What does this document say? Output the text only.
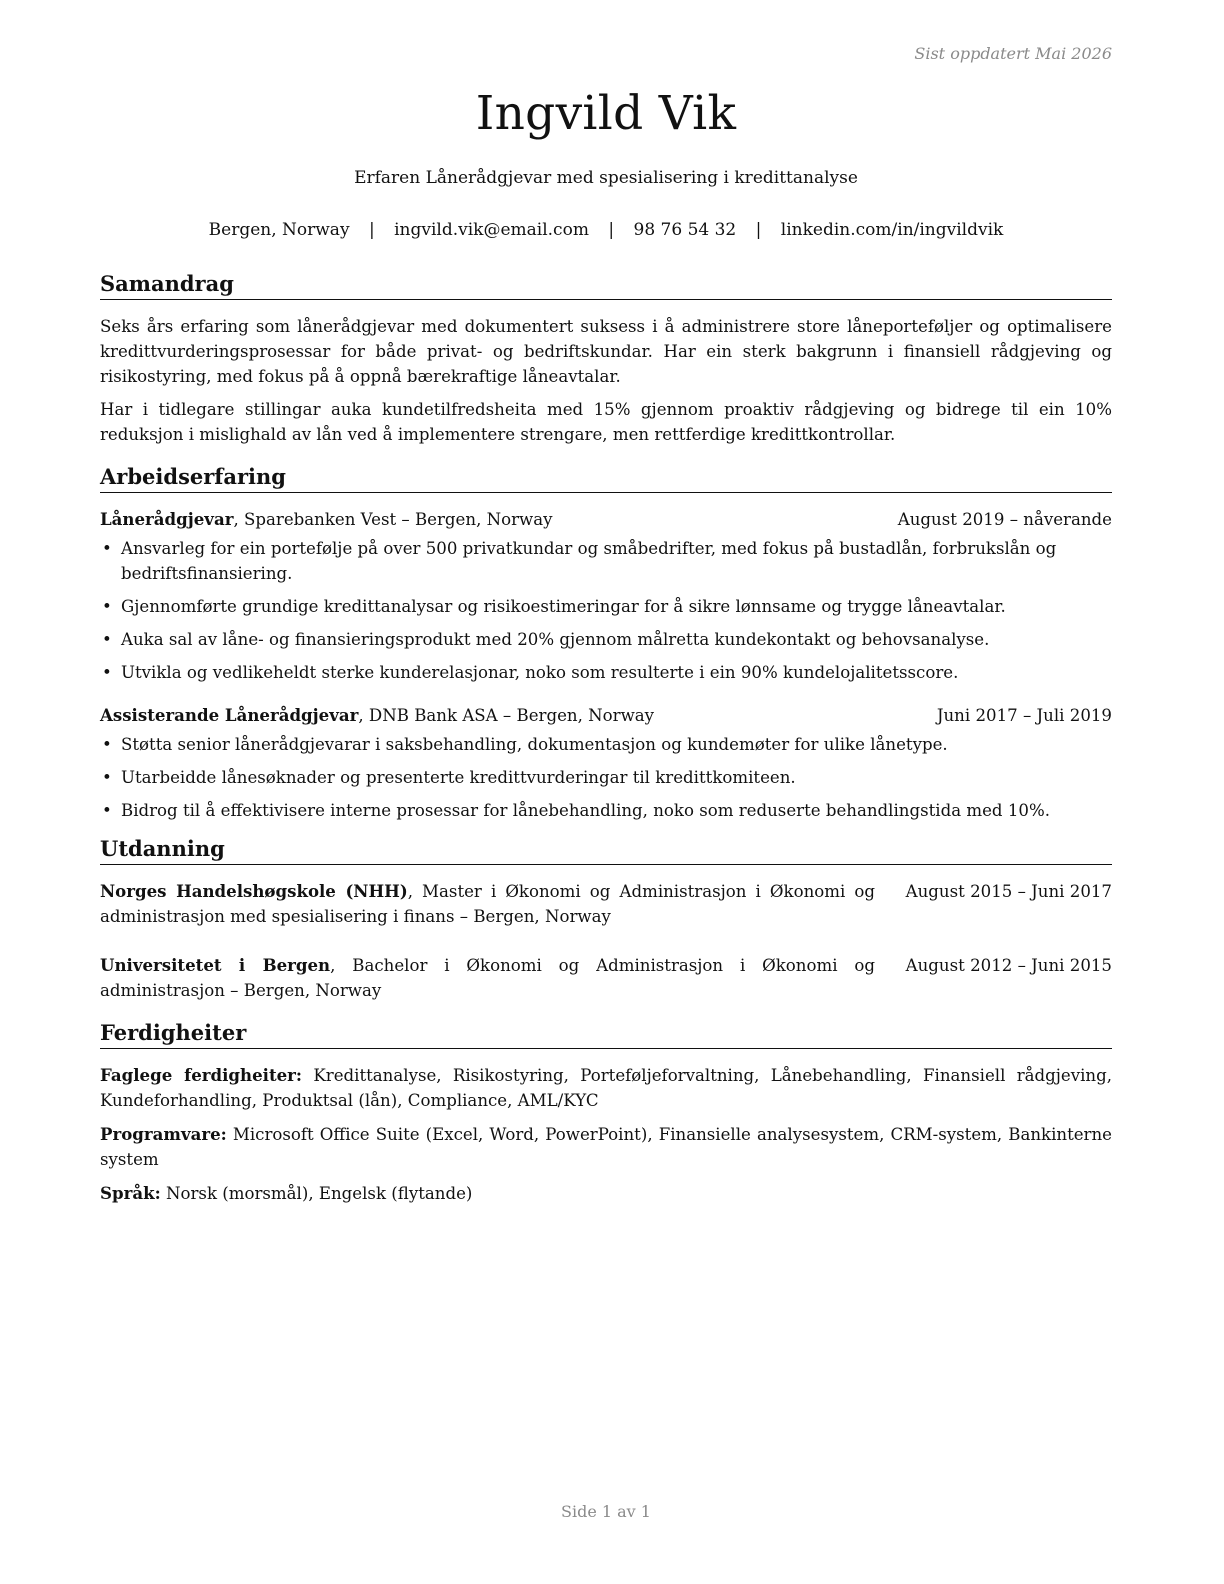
Sist oppdatert Mai 2026
Ingvild Vik
Erfaren Lånerådgjevar med spesialisering i kredittanalyse
Bergen, Norway | ingvild.vik@email.com | 98 76 54 32 | linkedin.com/in/ingvildvik
Samandrag

Seks års erfaring som lånerådgjevar med dokumentert suksess i å administrere store låneporteføljer og optimalisere kredittvurderingsprosessar for både privat- og bedriftskundar. Har ein sterk bakgrunn i finansiell rådgjeving og risikostyring, med fokus på å oppnå bærekraftige låneavtalar.

Har i tidlegare stillingar auka kundetilfredsheita med 15% gjennom proaktiv rådgjeving og bidrege til ein 10% reduksjon i mislighald av lån ved å implementere strengare, men rettferdige kredittkontrollar.

Arbeidserfaring
Lånerådgjevar, Sparebanken Vest – Bergen, Norway	August 2019 – nåverande
• Ansvarleg for ein portefølje på over 500 privatkundar og småbedrifter, med fokus på bustadlån, forbrukslån og bedriftsfinansiering.
• Gjennomførte grundige kredittanalysar og risikoestimeringar for å sikre lønnsame og trygge låneavtalar.
• Auka sal av låne- og finansieringsprodukt med 20% gjennom målretta kundekontakt og behovsanalyse.
• Utvikla og vedlikeheldt sterke kunderelasjonar, noko som resulterte i ein 90% kundelojalitetsscore.
Assisterande Lånerådgjevar, DNB Bank ASA – Bergen, Norway	Juni 2017 – Juli 2019
• Støtta senior lånerådgjevarar i saksbehandling, dokumentasjon og kundemøter for ulike lånetype.
• Utarbeidde lånesøknader og presenterte kredittvurderingar til kredittkomiteen.
• Bidrog til å effektivisere interne prosessar for lånebehandling, noko som reduserte behandlingstida med 10%.
Utdanning
Norges Handelshøgskole (NHH), Master i Økonomi og Administrasjon i Økonomi og administrasjon med spesialisering i finans – Bergen, Norway
August 2015 – Juni 2017
Universitetet i Bergen, Bachelor i Økonomi og Administrasjon i Økonomi og administrasjon – Bergen, Norway
August 2012 – Juni 2015
Ferdigheiter
Faglege ferdigheiter: Kredittanalyse, Risikostyring, Porteføljeforvaltning, Lånebehandling, Finansiell rådgjeving, Kundeforhandling, Produktsal (lån), Compliance, AML/KYC
Programvare: Microsoft Office Suite (Excel, Word, PowerPoint), Finansielle analysesystem, CRM-system, Bankinterne system
Språk: Norsk (morsmål), Engelsk (flytande)
Side 1 av 1
